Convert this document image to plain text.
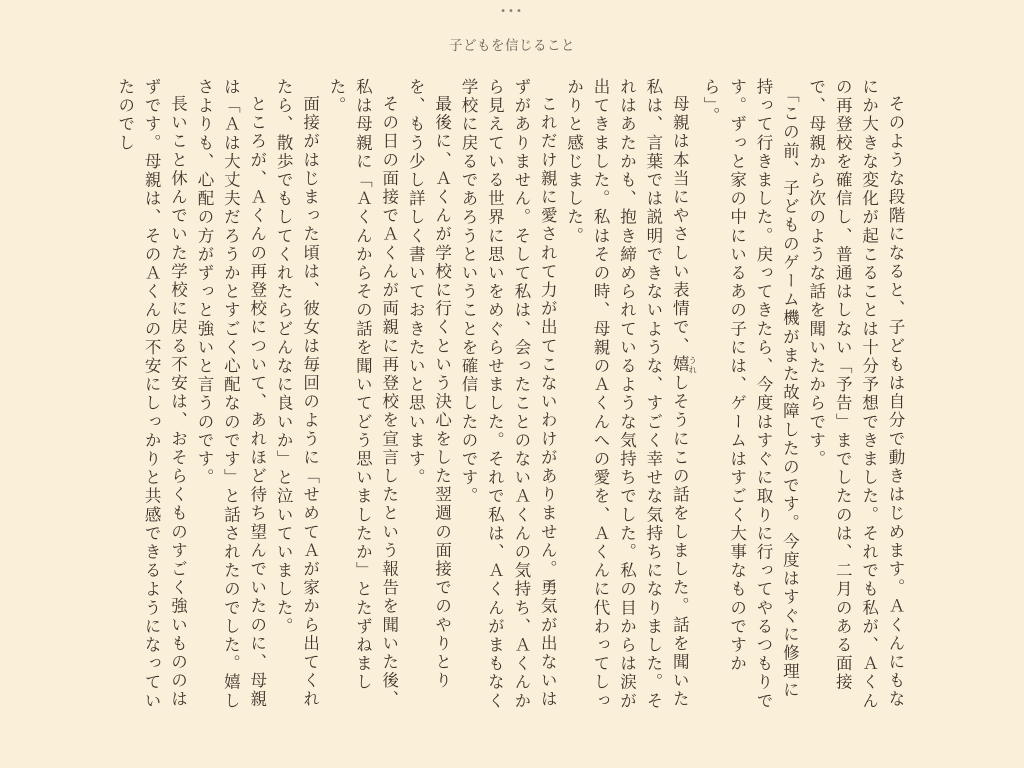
•••
子どもを信じること

そのような段階になると、子どもは自分で動きはじめます。Ａくんにもなにか大きな変化が起こることは十分予想できました。それでも私が、Ａくんの再登校を確信し、普通はしない「予告」までしたのは、二月のある面接で、母親から次のような話を聞いたからです。

「この前、子どものゲーム機がまた故障したのです。今度はすぐに修理に持って行きました。戻ってきたら、今度はすぐに取りに行ってやるつもりです。ずっと家の中にいるあの子には、ゲームはすごく大事なものですから」。

母親は本当にやさしい表情で、嬉 うれしそうにこの話をしました。話を聞いた私は、言葉では説明できないような、すごく幸せな気持ちになりました。それはあたかも、抱き締められているような気持ちでした。私の目からは涙が出てきました。私はその時、母親のＡくんへの愛を、Ａくんに代わってしっかりと感じました。

これだけ親に愛されて力が出てこないわけがありません。勇気が出ないはずがありません。そして私は、会ったことのないＡくんの気持ち、Ａくんから見えている世界に思いをめぐらせました。それで私は、Ａくんがまもなく学校に戻るであろうということを確信したのです。

最後に、Ａくんが学校に行くという決心をした翌週の面接でのやりとりを、もう少し詳しく書いておきたいと思います。

その日の面接でＡくんが両親に再登校を宣言したという報告を聞いた後、私は母親に「Ａくんからその話を聞いてどう思いましたか」とたずねました。

面接がはじまった頃は、彼女は毎回のように「せめてＡが家から出てくれたら、散歩でもしてくれたらどんなに良いか」と泣いていました。

ところが、Ａくんの再登校について、あれほど待ち望んでいたのに、母親は「Ａは大丈夫だろうかとすごく心配なのです」と話されたのでした。嬉しさよりも、心配の方がずっと強いと言うのです。

長いこと休んでいた学校に戻る不安は、おそらくものすごく強いもののはずです。母親は、そのＡくんの不安にしっかりと共感できるようになっていたのでし
